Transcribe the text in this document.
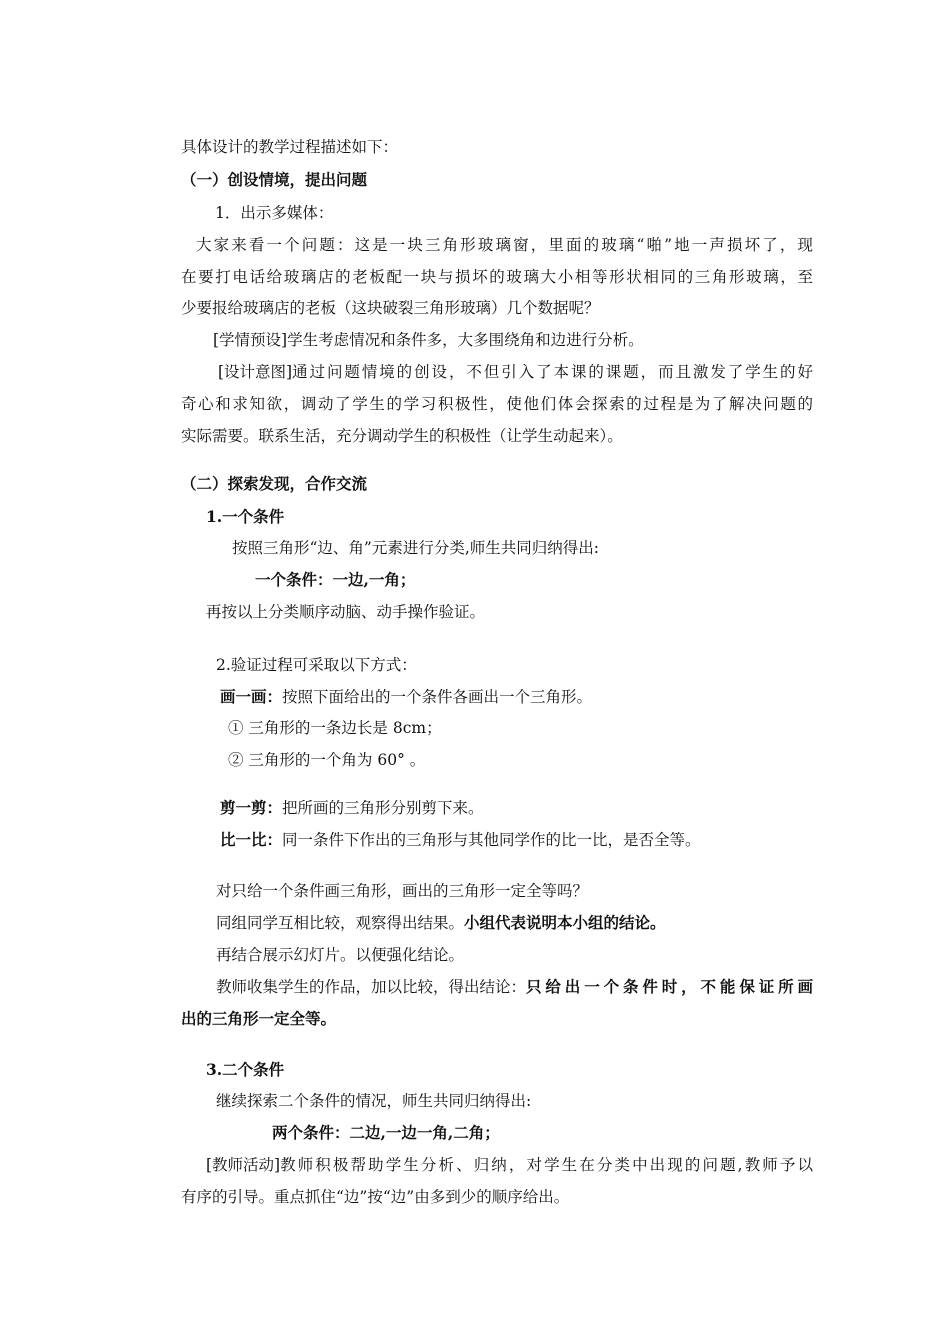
具体设计的教学过程描述如下：
（一）创设情境，提出问题
1．出示多媒体：
大家来看一个问题：这是一块三角形玻璃窗，里面的玻璃“啪”地一声损坏了，现
在要打电话给玻璃店的老板配一块与损坏的玻璃大小相等形状相同的三角形玻璃，至
少要报给玻璃店的老板（这块破裂三角形玻璃）几个数据呢？
[学情预设]学生考虑情况和条件多，大多围绕角和边进行分析。
[设计意图] 通过问题情境的创设，不但引入了本课的课题，而且激发了学生的好
奇心和求知欲，调动了学生的学习积极性，使他们体会探索的过程是为了解决问题的
实际需要。联系生活，充分调动学生的积极性（让学生动起来）。
（二）探索发现，合作交流
1.一个条件
按照三角形“边、角”元素进行分类,师生共同归纳得出:
一个条件：一边,一角；
再按以上分类顺序动脑、动手操作验证。
2.验证过程可采取以下方式：
画一画：按照下面给出的一个条件各画出一个三角形。
① 三角形的一条边长是 8cm；
② 三角形的一个角为 60° 。
剪一剪：把所画的三角形分别剪下来。
比一比：同一条件下作出的三角形与其他同学作的比一比，是否全等。
对只给一个条件画三角形，画出的三角形一定全等吗？
同组同学互相比较，观察得出结果。小组代表说明本小组的结论。
再结合展示幻灯片。以便强化结论。
教师收集学生的作品，加以比较，得出结论： 只给出一个条件时，不能保证所画
出的三角形一定全等。
3.二个条件
继续探索二个条件的情况，师生共同归纳得出:
两个条件：二边,一边一角,二角；
[教师活动] 教师积极帮助学生分析、归纳，对学生在分类中出现的问题,教师予以
有序的引导。重点抓住“边”按“边”由多到少的顺序给出。
